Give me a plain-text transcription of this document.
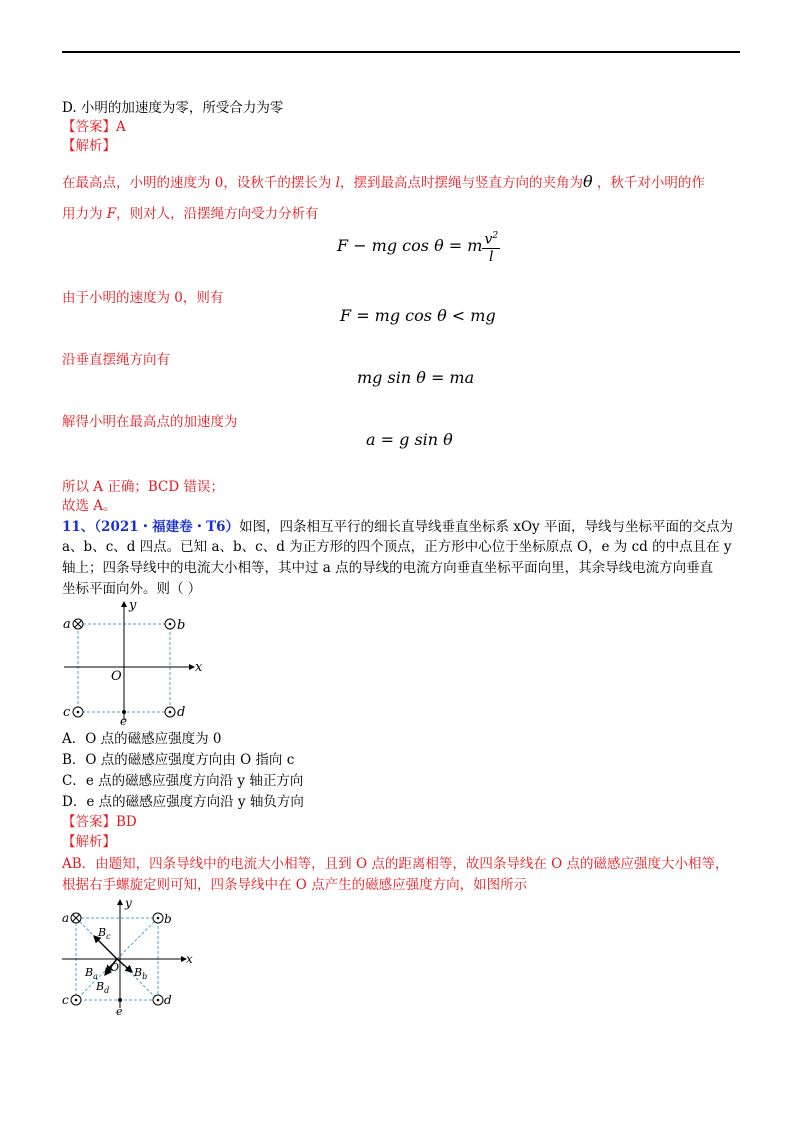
D. 小明的加速度为零，所受合力为零
【答案】A
【解析】
在最高点，小明的速度为 0，设秋千的摆长为 l，摆到最高点时摆绳与竖直方向的夹角为θ ，秋千对小明的作
用力为 F，则对人，沿摆绳方向受力分析有
F − mg cos θ = m $\frac{v^2}{l}$
由于小明的速度为 0，则有
F = mg cos θ < mg
沿垂直摆绳方向有
mg sin θ = ma
解得小明在最高点的加速度为
a = g sin θ
所以 A 正确；BCD 错误；
故选 A。
11、（2021・福建卷・T6）如图，四条相互平行的细长直导线垂直坐标系 xOy 平面，导线与坐标平面的交点为
a、b、c、d 四点。已知 a、b、c、d 为正方形的四个顶点，正方形中心位于坐标原点 O，e 为 cd 的中点且在 y
轴上；四条导线中的电流大小相等，其中过 a 点的导线的电流方向垂直坐标平面向里，其余导线电流方向垂直
坐标平面向外。则（ ）
a	b
c	d
O
x
y
e
A．O 点的磁感应强度为 0
B．O 点的磁感应强度方向由 O 指向 c
C．e 点的磁感应强度方向沿 y 轴正方向
D．e 点的磁感应强度方向沿 y 轴负方向
【答案】BD
【解析】
AB．由题知，四条导线中的电流大小相等，且到 O 点的距离相等，故四条导线在 O 点的磁感应强度大小相等，
根据右手螺旋定则可知，四条导线中在 O 点产生的磁感应强度方向，如图所示
a	b
c	d
O
x
y
e
$B_c$
$B_a$
$B_d$
$B_b$
